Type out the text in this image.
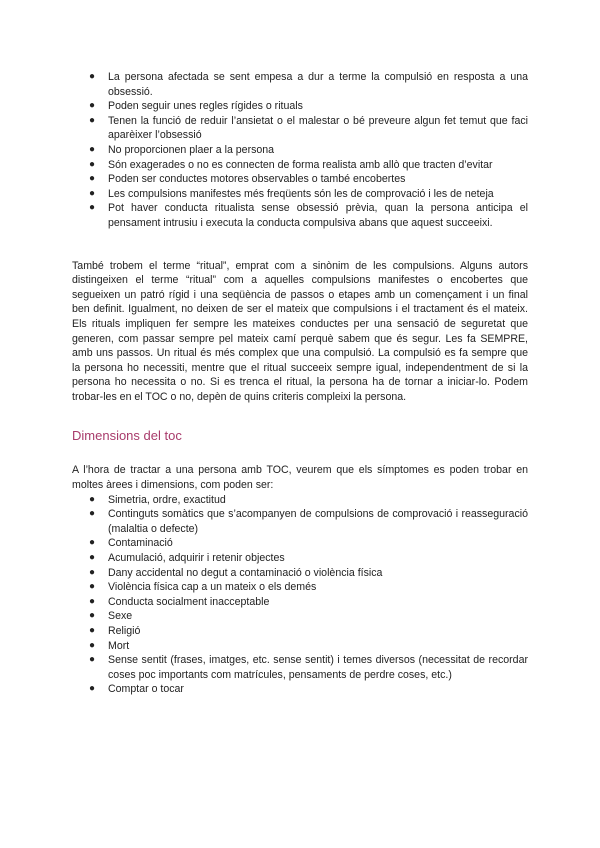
● La persona afectada se sent empesa a dur a terme la compulsió en resposta a una obsessió.
● Poden seguir unes regles rígides o rituals
● Tenen la funció de reduir l’ansietat o el malestar o bé preveure algun fet temut que faci aparèixer l’obsessió
● No proporcionen plaer a la persona
● Són exagerades o no es connecten de forma realista amb allò que tracten d’evitar
● Poden ser conductes motores observables o també encobertes
● Les compulsions manifestes més freqüents són les de comprovació i les de neteja
● Pot haver conducta ritualista sense obsessió prèvia, quan la persona anticipa el pensament intrusiu i executa la conducta compulsiva abans que aquest succeeixi.

També trobem el terme “ritual”, emprat com a sinònim de les compulsions. Alguns autors distingeixen el terme “ritual” com a aquelles compulsions manifestes o encobertes que segueixen un patró rígid i una seqüència de passos o etapes amb un començament i un final ben definit. Igualment, no deixen de ser el mateix que compulsions i el tractament és el mateix. Els rituals impliquen fer sempre les mateixes conductes per una sensació de seguretat que generen, com passar sempre pel mateix camí perquè sabem que és segur. Les fa SEMPRE, amb uns passos. Un ritual és més complex que una compulsió. La compulsió es fa sempre que la persona ho necessiti, mentre que el ritual succeeix sempre igual, independentment de si la persona ho necessita o no. Si es trenca el ritual, la persona ha de tornar a iniciar-lo. Podem trobar-les en el TOC o no, depèn de quins criteris compleixi la persona.

Dimensions del toc

A l’hora de tractar a una persona amb TOC, veurem que els símptomes es poden trobar en moltes àrees i dimensions, com poden ser:

● Simetria, ordre, exactitud
● Continguts somàtics que s’acompanyen de compulsions de comprovació i reasseguració (malaltia o defecte)
● Contaminació
● Acumulació, adquirir i retenir objectes
● Dany accidental no degut a contaminació o violència física
● Violència física cap a un mateix o els demés
● Conducta socialment inacceptable
● Sexe
● Religió
● Mort
● Sense sentit (frases, imatges, etc. sense sentit) i temes diversos (necessitat de recordar coses poc importants com matrícules, pensaments de perdre coses, etc.)
● Comptar o tocar
